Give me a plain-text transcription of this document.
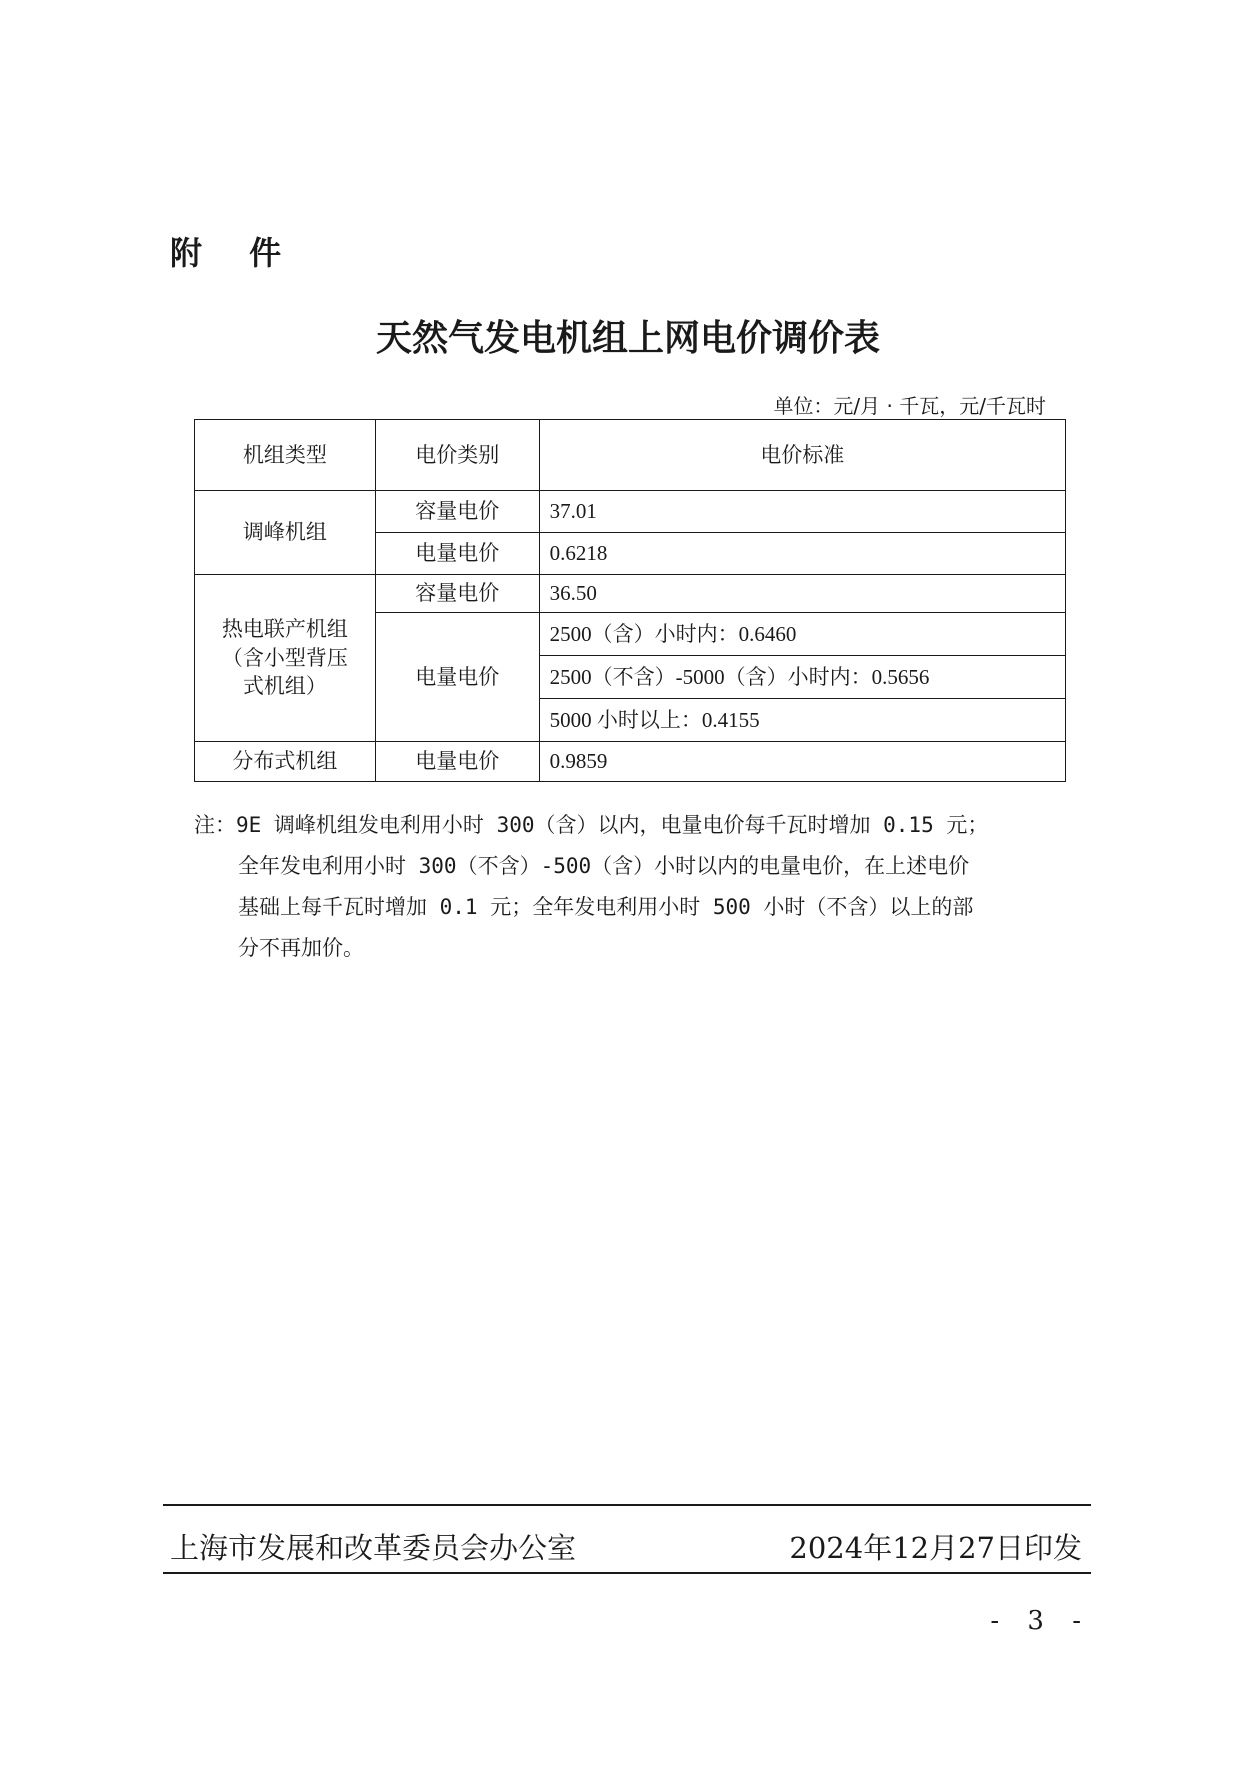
附 件
天然气发电机组上网电价调价表
单位：元/月 · 千瓦，元/千瓦时
机组类型	电价类别	电价标准
调峰机组	容量电价	37.01
	电量电价	0.6218

热电联产机组
（含小型背压
式机组）	容量电价	36.50
	电量电价	2500（含）小时内：0.6460
		2500（不含）-5000（含）小时内：0.5656
		5000 小时以上：0.4155
分布式机组	电量电价	0.9859
注：9E 调峰机组发电利用小时 300（含）以内，电量电价每千瓦时增加 0.15 元；
全年发电利用小时 300（不含）-500（含）小时以内的电量电价，在上述电价
基础上每千瓦时增加 0.1 元；全年发电利用小时 500 小时（不含）以上的部
分不再加价。
上海市发展和改革委员会办公室	2024年12月27日印发
- 3 -
